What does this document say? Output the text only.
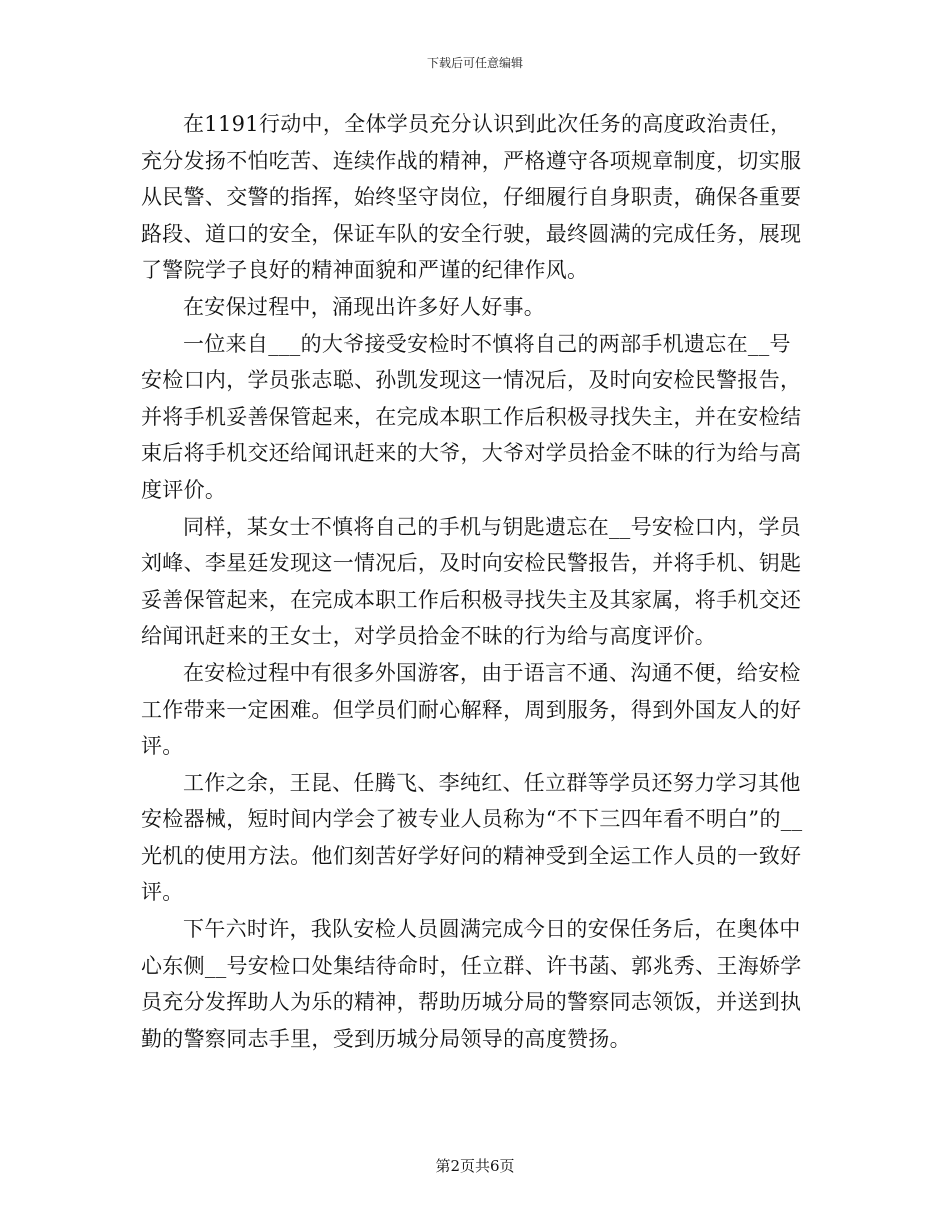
下载后可任意编辑

在1191行动中，全体学员充分认识到此次任务的高度政治责任，充分发扬不怕吃苦、连续作战的精神，严格遵守各项规章制度，切实服从民警、交警的指挥，始终坚守岗位，仔细履行自身职责，确保各重要路段、道口的安全，保证车队的安全行驶，最终圆满的完成任务，展现了警院学子良好的精神面貌和严谨的纪律作风。

在安保过程中，涌现出许多好人好事。

一位来自___的大爷接受安检时不慎将自己的两部手机遗忘在__号安检口内，学员张志聪、孙凯发现这一情况后，及时向安检民警报告，并将手机妥善保管起来，在完成本职工作后积极寻找失主，并在安检结束后将手机交还给闻讯赶来的大爷，大爷对学员拾金不昧的行为给与高度评价。

同样，某女士不慎将自己的手机与钥匙遗忘在__号安检口内，学员刘峰、李星廷发现这一情况后，及时向安检民警报告，并将手机、钥匙妥善保管起来，在完成本职工作后积极寻找失主及其家属，将手机交还给闻讯赶来的王女士，对学员拾金不昧的行为给与高度评价。

在安检过程中有很多外国游客，由于语言不通、沟通不便，给安检工作带来一定困难。但学员们耐心解释，周到服务，得到外国友人的好评。

工作之余，王昆、任腾飞、李纯红、任立群等学员还努力学习其他安检器械，短时间内学会了被专业人员称为“不下三四年看不明白”的__光机的使用方法。他们刻苦好学好问的精神受到全运工作人员的一致好评。

下午六时许，我队安检人员圆满完成今日的安保任务后，在奥体中心东侧__号安检口处集结待命时，任立群、许书菡、郭兆秀、王海娇学员充分发挥助人为乐的精神，帮助历城分局的警察同志领饭，并送到执勤的警察同志手里，受到历城分局领导的高度赞扬。

第2页共6页
